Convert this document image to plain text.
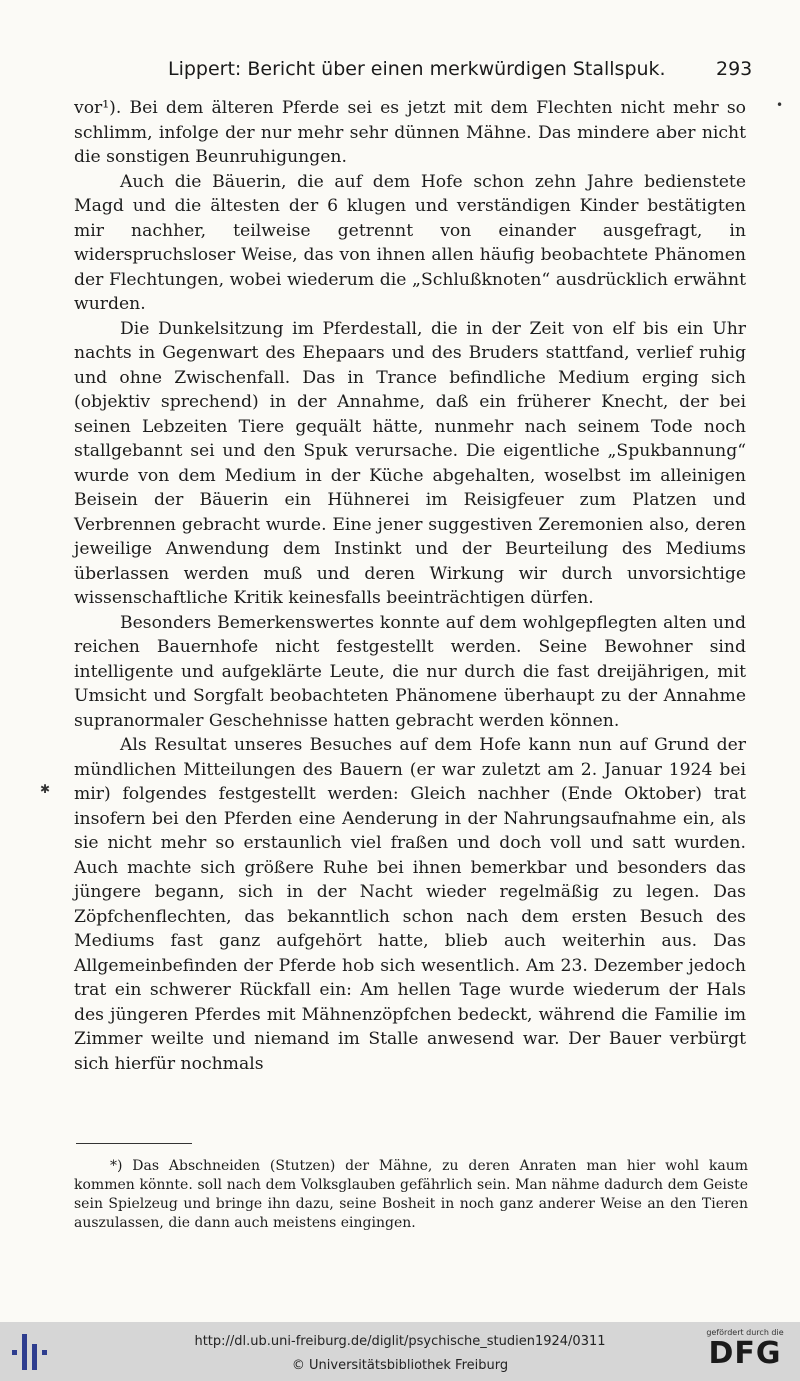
Lippert: Bericht über einen merkwürdigen Stallspuk.	293

vor¹). Bei dem älteren Pferde sei es jetzt mit dem Flechten nicht mehr so schlimm, infolge der nur mehr sehr dünnen Mähne. Das mindere aber nicht die sonstigen Beunruhigungen.

Auch die Bäuerin, die auf dem Hofe schon zehn Jahre bedienstete Magd und die ältesten der 6 klugen und verständigen Kinder bestätigten mir nachher, teilweise getrennt von einander ausgefragt, in widerspruchsloser Weise, das von ihnen allen häufig beobachtete Phänomen der Flechtungen, wobei wiederum die „Schlußknoten“ ausdrücklich erwähnt wurden.

Die Dunkelsitzung im Pferdestall, die in der Zeit von elf bis ein Uhr nachts in Gegenwart des Ehepaars und des Bruders stattfand, verlief ruhig und ohne Zwischenfall. Das in Trance befindliche Medium erging sich (objektiv sprechend) in der Annahme, daß ein früherer Knecht, der bei seinen Lebzeiten Tiere gequält hätte, nunmehr nach seinem Tode noch stallgebannt sei und den Spuk verursache. Die eigentliche „Spukbannung“ wurde von dem Medium in der Küche abgehalten, woselbst im alleinigen Beisein der Bäuerin ein Hühnerei im Reisigfeuer zum Platzen und Verbrennen gebracht wurde. Eine jener suggestiven Zeremonien also, deren jeweilige Anwendung dem Instinkt und der Beurteilung des Mediums überlassen werden muß und deren Wirkung wir durch unvorsichtige wissenschaftliche Kritik keinesfalls beeinträchtigen dürfen.

Besonders Bemerkenswertes konnte auf dem wohlgepflegten alten und reichen Bauernhofe nicht festgestellt werden. Seine Bewohner sind intelligente und aufgeklärte Leute, die nur durch die fast dreijährigen, mit Umsicht und Sorgfalt beobachteten Phänomene überhaupt zu der Annahme supranormaler Geschehnisse hatten gebracht werden können.

Als Resultat unseres Besuches auf dem Hofe kann nun auf Grund der mündlichen Mitteilungen des Bauern (er war zuletzt am 2. Januar 1924 bei mir) folgendes festgestellt werden: Gleich nachher (Ende Oktober) trat insofern bei den Pferden eine Aenderung in der Nahrungsaufnahme ein, als sie nicht mehr so erstaunlich viel fraßen und doch voll und satt wurden. Auch machte sich größere Ruhe bei ihnen bemerkbar und besonders das jüngere begann, sich in der Nacht wieder regelmäßig zu legen. Das Zöpfchenflechten, das bekanntlich schon nach dem ersten Besuch des Mediums fast ganz aufgehört hatte, blieb auch weiterhin aus. Das Allgemeinbefinden der Pferde hob sich wesentlich. Am 23. Dezember jedoch trat ein schwerer Rückfall ein: Am hellen Tage wurde wiederum der Hals des jüngeren Pferdes mit Mähnenzöpfchen bedeckt, während die Familie im Zimmer weilte und niemand im Stalle anwesend war. Der Bauer verbürgt sich hierfür nochmals

*) Das Abschneiden (Stutzen) der Mähne, zu deren Anraten man hier wohl kaum kommen könnte. soll nach dem Volksglauben gefährlich sein. Man nähme dadurch dem Geiste sein Spielzeug und bringe ihn dazu, seine Bosheit in noch ganz anderer Weise an den Tieren auszulassen, die dann auch meistens eingingen.
•
✱
http://dl.ub.uni-freiburg.de/diglit/psychische_studien1924/0311
© Universitätsbibliothek Freiburg
gefördert durch die
DFG
